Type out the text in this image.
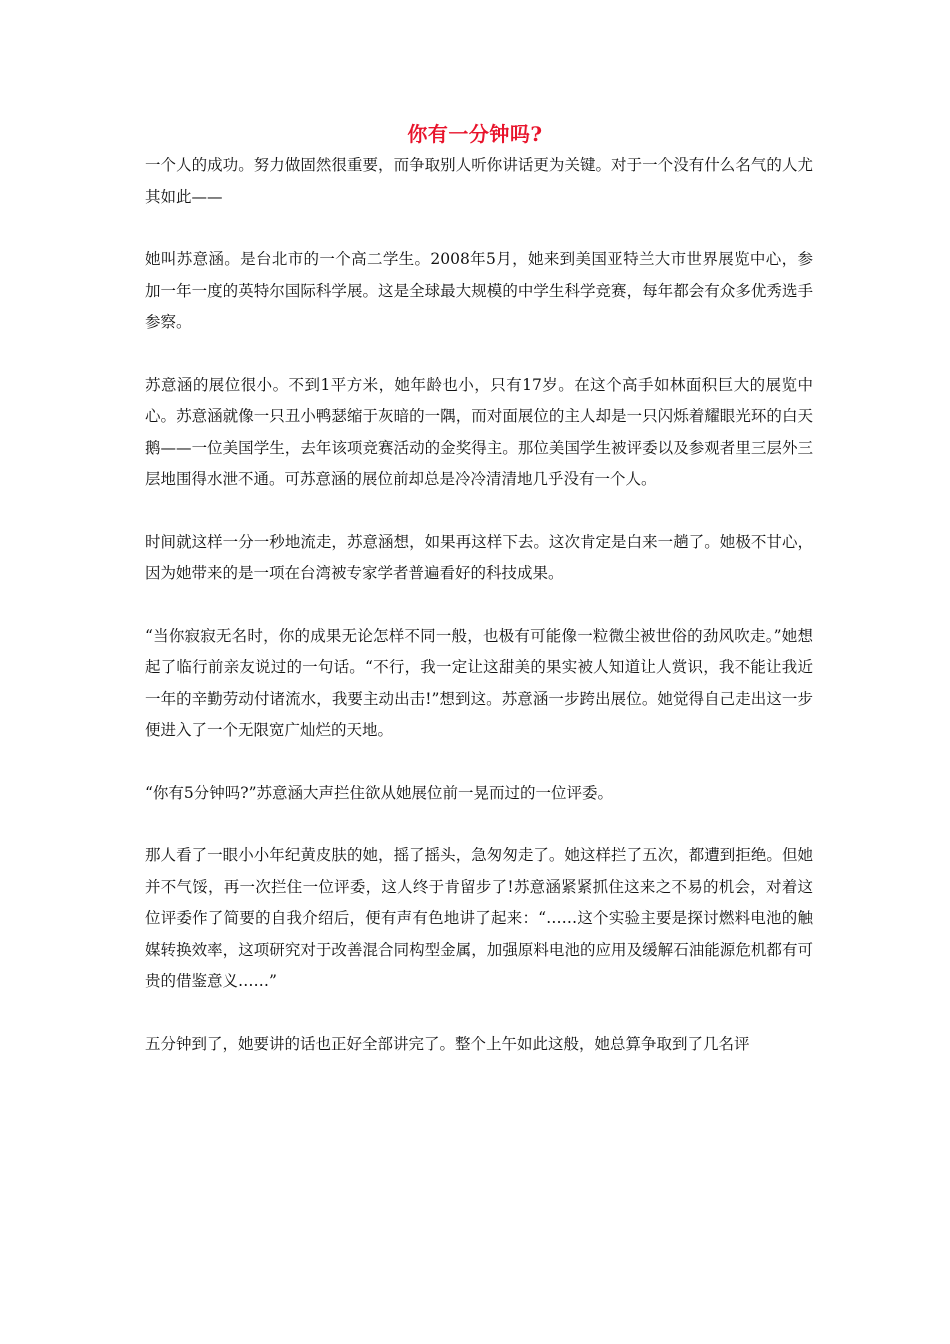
你有一分钟吗?

一个人的成功。努力做固然很重要，而争取别人听你讲话更为关键。对于一个没有什么名气的人尤其如此——

她叫苏意涵。是台北市的一个高二学生。2008年5月，她来到美国亚特兰大市世界展览中心，参加一年一度的英特尔国际科学展。这是全球最大规模的中学生科学竞赛，每年都会有众多优秀选手参察。

苏意涵的展位很小。不到1平方米，她年龄也小，只有17岁。在这个高手如林面积巨大的展览中心。苏意涵就像一只丑小鸭瑟缩于灰暗的一隅，而对面展位的主人却是一只闪烁着耀眼光环的白天鹅——一位美国学生，去年该项竞赛活动的金奖得主。那位美国学生被评委以及参观者里三层外三层地围得水泄不通。可苏意涵的展位前却总是冷冷清清地几乎没有一个人。

时间就这样一分一秒地流走，苏意涵想，如果再这样下去。这次肯定是白来一趟了。她极不甘心，因为她带来的是一项在台湾被专家学者普遍看好的科技成果。

“当你寂寂无名时，你的成果无论怎样不同一般，也极有可能像一粒微尘被世俗的劲风吹走。”她想起了临行前亲友说过的一句话。“不行，我一定让这甜美的果实被人知道让人赏识，我不能让我近一年的辛勤劳动付诸流水，我要主动出击!”想到这。苏意涵一步跨出展位。她觉得自己走出这一步便进入了一个无限宽广灿烂的天地。

“你有5分钟吗?”苏意涵大声拦住欲从她展位前一晃而过的一位评委。

那人看了一眼小小年纪黄皮肤的她，摇了摇头，急匆匆走了。她这样拦了五次，都遭到拒绝。但她并不气馁，再一次拦住一位评委，这人终于肯留步了!苏意涵紧紧抓住这来之不易的机会，对着这位评委作了简要的自我介绍后，便有声有色地讲了起来：“……这个实验主要是探讨燃料电池的触媒转换效率，这项研究对于改善混合同构型金属，加强原料电池的应用及缓解石油能源危机都有可贵的借鉴意义……”

五分钟到了，她要讲的话也正好全部讲完了。整个上午如此这般，她总算争取到了几名评
